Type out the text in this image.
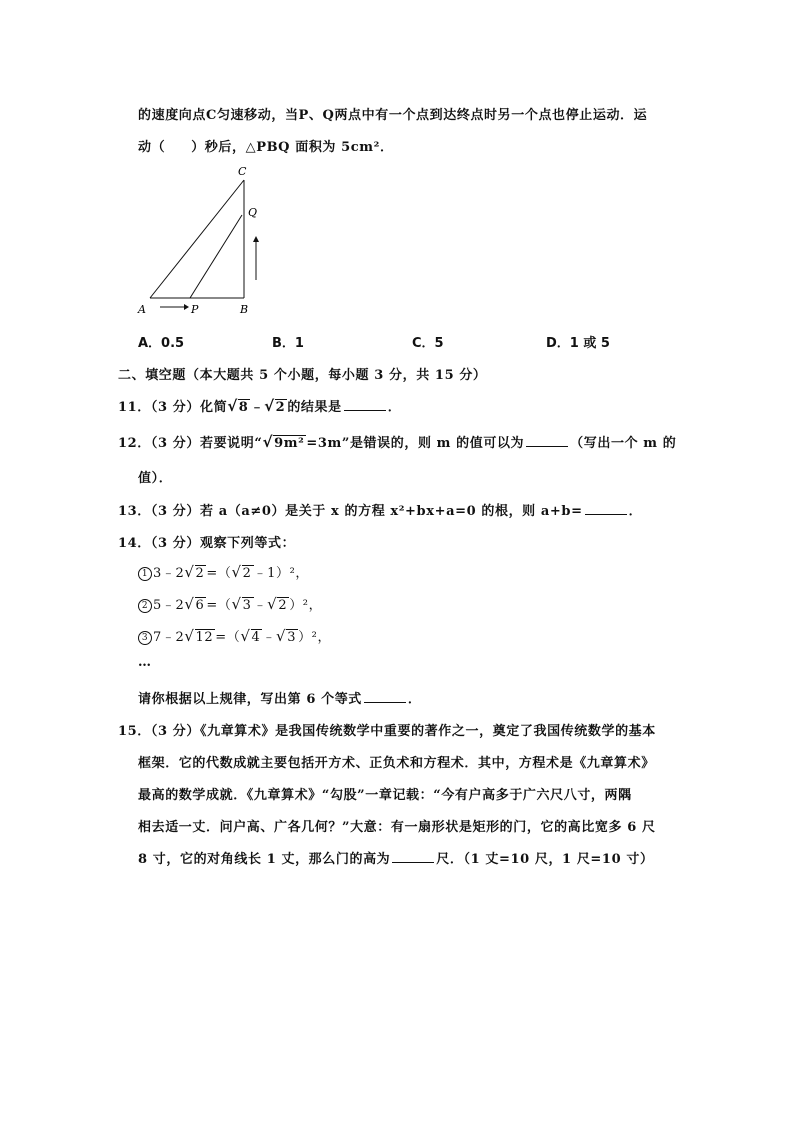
的速度向点C匀速移动，当P、Q两点中有一个点到达终点时另一个点也停止运动．运
动（ ）秒后，△PBQ 面积为 5cm²．
C
Q
A	P	B
A．0.5	B．1	C．5	D．1 或 5
二、填空题（本大题共 5 个小题，每小题 3 分，共 15 分）
11．（3 分）化简√8 ﹣√2 的结果是	．
12．（3 分）若要说明“√9m² =3m”是错误的，则 m 的值可以为	（写出一个 m 的
值）．
13．（3 分）若 a（a≠0）是关于 x 的方程 x²+bx+a=0 的根，则 a+b=	．
14．（3 分）观察下列等式：
1 3﹣2√2 =（√2 ﹣1）²，
2 5﹣2√6 =（√3 ﹣√2 ）²，
3 7﹣2√12 =（√4 ﹣√3 ）²，
…
请你根据以上规律，写出第 6 个等式	．
15．（3 分）《九章算术》是我国传统数学中重要的著作之一，奠定了我国传统数学的基本
框架．它的代数成就主要包括开方术、正负术和方程术．其中，方程术是《九章算术》
最高的数学成就．《九章算术》“勾股”一章记载：“今有户高多于广六尺八寸，两隅
相去适一丈．问户高、广各几何？”大意：有一扇形状是矩形的门，它的高比宽多 6 尺
8 寸，它的对角线长 1 丈，那么门的高为	尺．（1 丈=10 尺，1 尺=10 寸）
